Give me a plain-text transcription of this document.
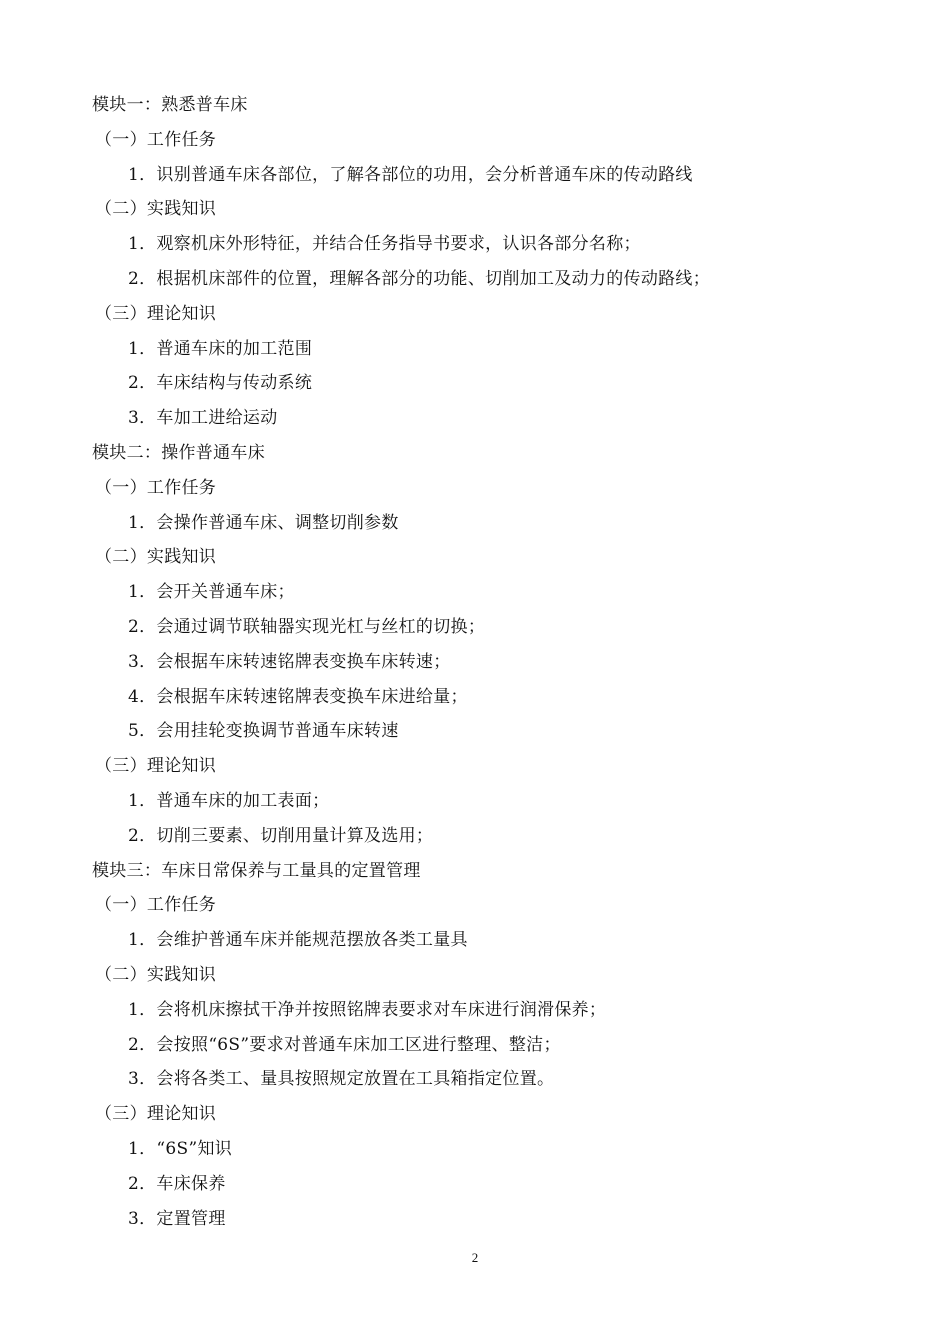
模块一：熟悉普车床
（一）工作任务
1．识别普通车床各部位，了解各部位的功用，会分析普通车床的传动路线
（二）实践知识
1．观察机床外形特征，并结合任务指导书要求，认识各部分名称；
2．根据机床部件的位置，理解各部分的功能、切削加工及动力的传动路线；
（三）理论知识
1．普通车床的加工范围
2．车床结构与传动系统
3．车加工进给运动
模块二：操作普通车床
（一）工作任务
1．会操作普通车床、调整切削参数
（二）实践知识
1．会开关普通车床；
2．会通过调节联轴器实现光杠与丝杠的切换；
3．会根据车床转速铭牌表变换车床转速；
4．会根据车床转速铭牌表变换车床进给量；
5．会用挂轮变换调节普通车床转速
（三）理论知识
1．普通车床的加工表面；
2．切削三要素、切削用量计算及选用；
模块三：车床日常保养与工量具的定置管理
（一）工作任务
1．会维护普通车床并能规范摆放各类工量具
（二）实践知识
1．会将机床擦拭干净并按照铭牌表要求对车床进行润滑保养；
2．会按照“6S”要求对普通车床加工区进行整理、整洁；
3．会将各类工、量具按照规定放置在工具箱指定位置。
（三）理论知识
1．“6S”知识
2．车床保养
3．定置管理
2
